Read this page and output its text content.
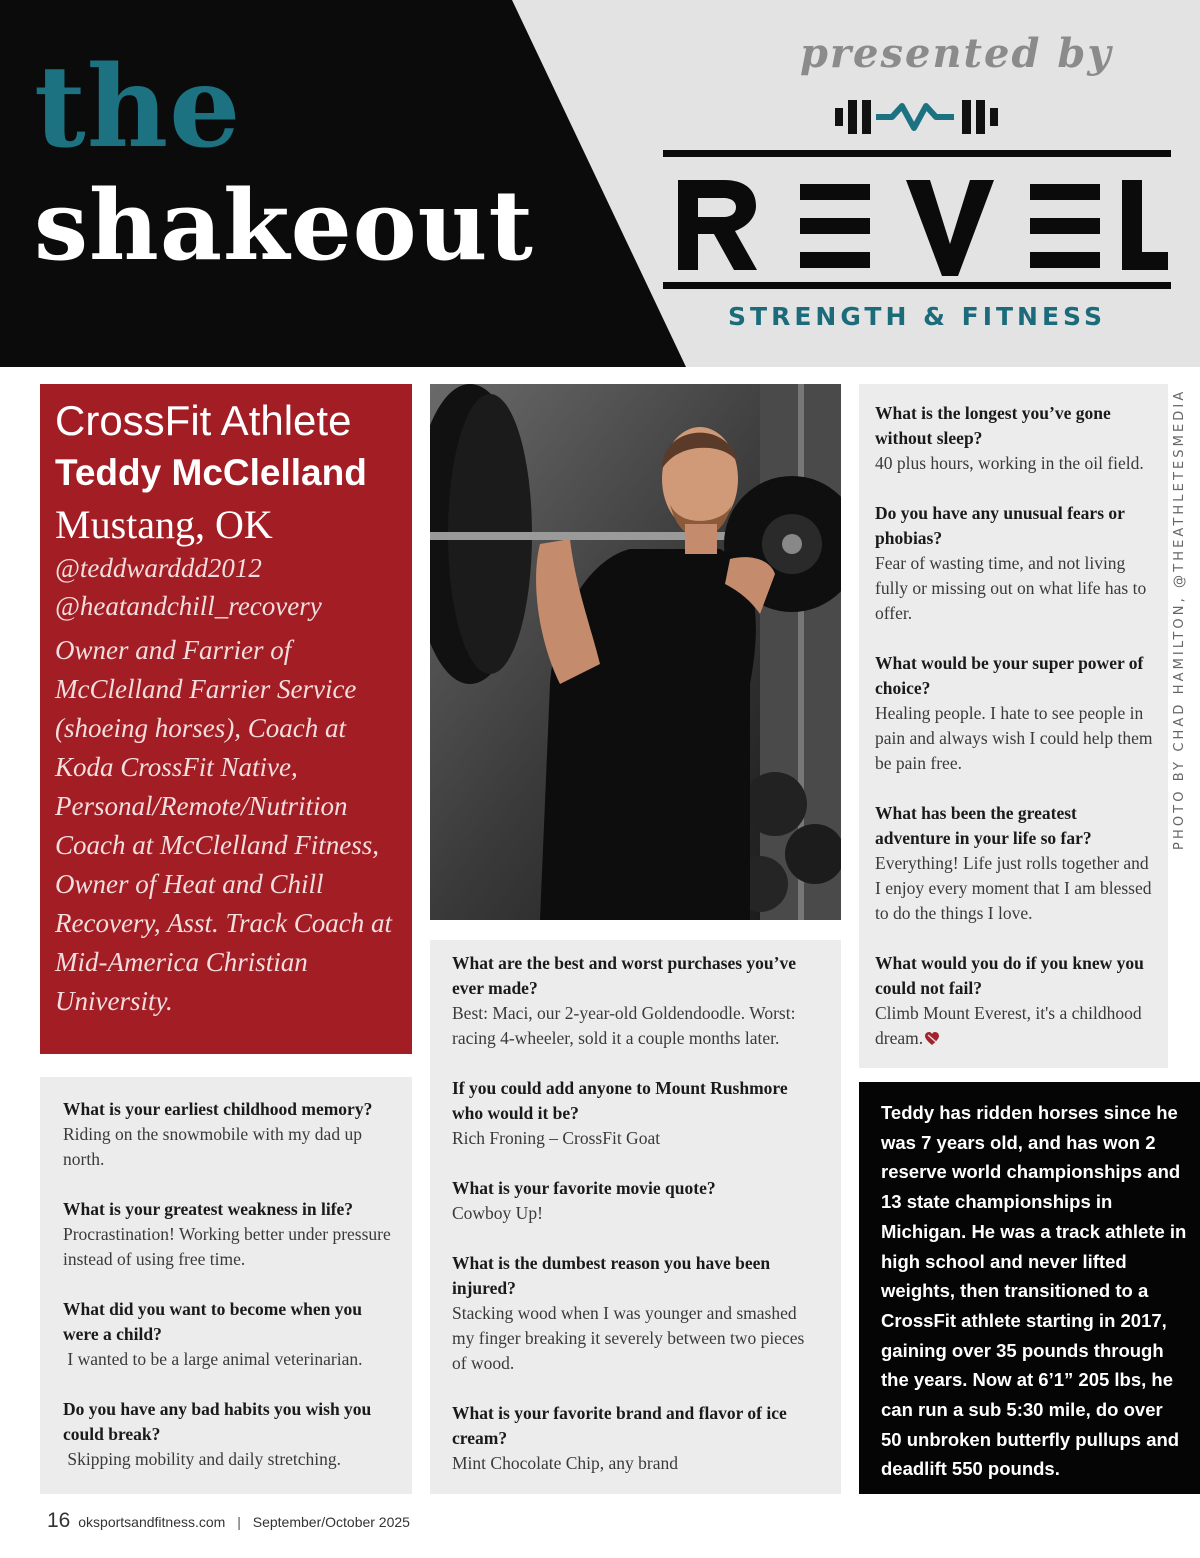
the
shakeout
presented by
STRENGTH & FITNESS
PHOTO BY CHAD HAMILTON, @THEATHLETESMEDIA
CrossFit Athlete
Teddy McClelland
Mustang, OK
@teddwarddd2012
@heatandchill_recovery
Owner and Farrier of McClelland Farrier Service (shoeing horses), Coach at Koda CrossFit Native, Personal/Remote/Nutrition Coach at McClelland Fitness, Owner of Heat and Chill Recovery, Asst. Track Coach at Mid-America Christian University.
What is your earliest childhood memory?
Riding on the snowmobile with my dad up north.
What is your greatest weakness in life?
Procrastination! Working better under pressure instead of using free time.
What did you want to become when you were a child?
I wanted to be a large animal veterinarian.
Do you have any bad habits you wish you could break?
Skipping mobility and daily stretching.
What are the best and worst purchases you’ve ever made?
Best: Maci, our 2-year-old Goldendoodle. Worst: racing 4-wheeler, sold it a couple months later.
If you could add anyone to Mount Rushmore who would it be?
Rich Froning – CrossFit Goat
What is your favorite movie quote?
Cowboy Up!
What is the dumbest reason you have been injured?
Stacking wood when I was younger and smashed my finger breaking it severely between two pieces of wood.
What is your favorite brand and flavor of ice cream?
Mint Chocolate Chip, any brand
What is the longest you’ve gone without sleep?
40 plus hours, working in the oil field.
Do you have any unusual fears or phobias?
Fear of wasting time, and not living fully or missing out on what life has to offer.
What would be your super power of choice?
Healing people. I hate to see people in pain and always wish I could help them be pain free.
What has been the greatest adventure in your life so far?
Everything! Life just rolls together and I enjoy every moment that I am blessed to do the things I love.
What would you do if you knew you could not fail?
Climb Mount Everest, it's a childhood dream.
Teddy has ridden horses since he was 7 years old, and has won 2 reserve world championships and 13 state championships in Michigan. He was a track athlete in high school and never lifted weights, then transitioned to a CrossFit athlete starting in 2017, gaining over 35 pounds through the years. Now at 6’1” 205 lbs, he can run a sub 5:30 mile, do over 50 unbroken butterfly pullups and deadlift 550 pounds.
16 oksportsandfitness.com | September/October 2025
